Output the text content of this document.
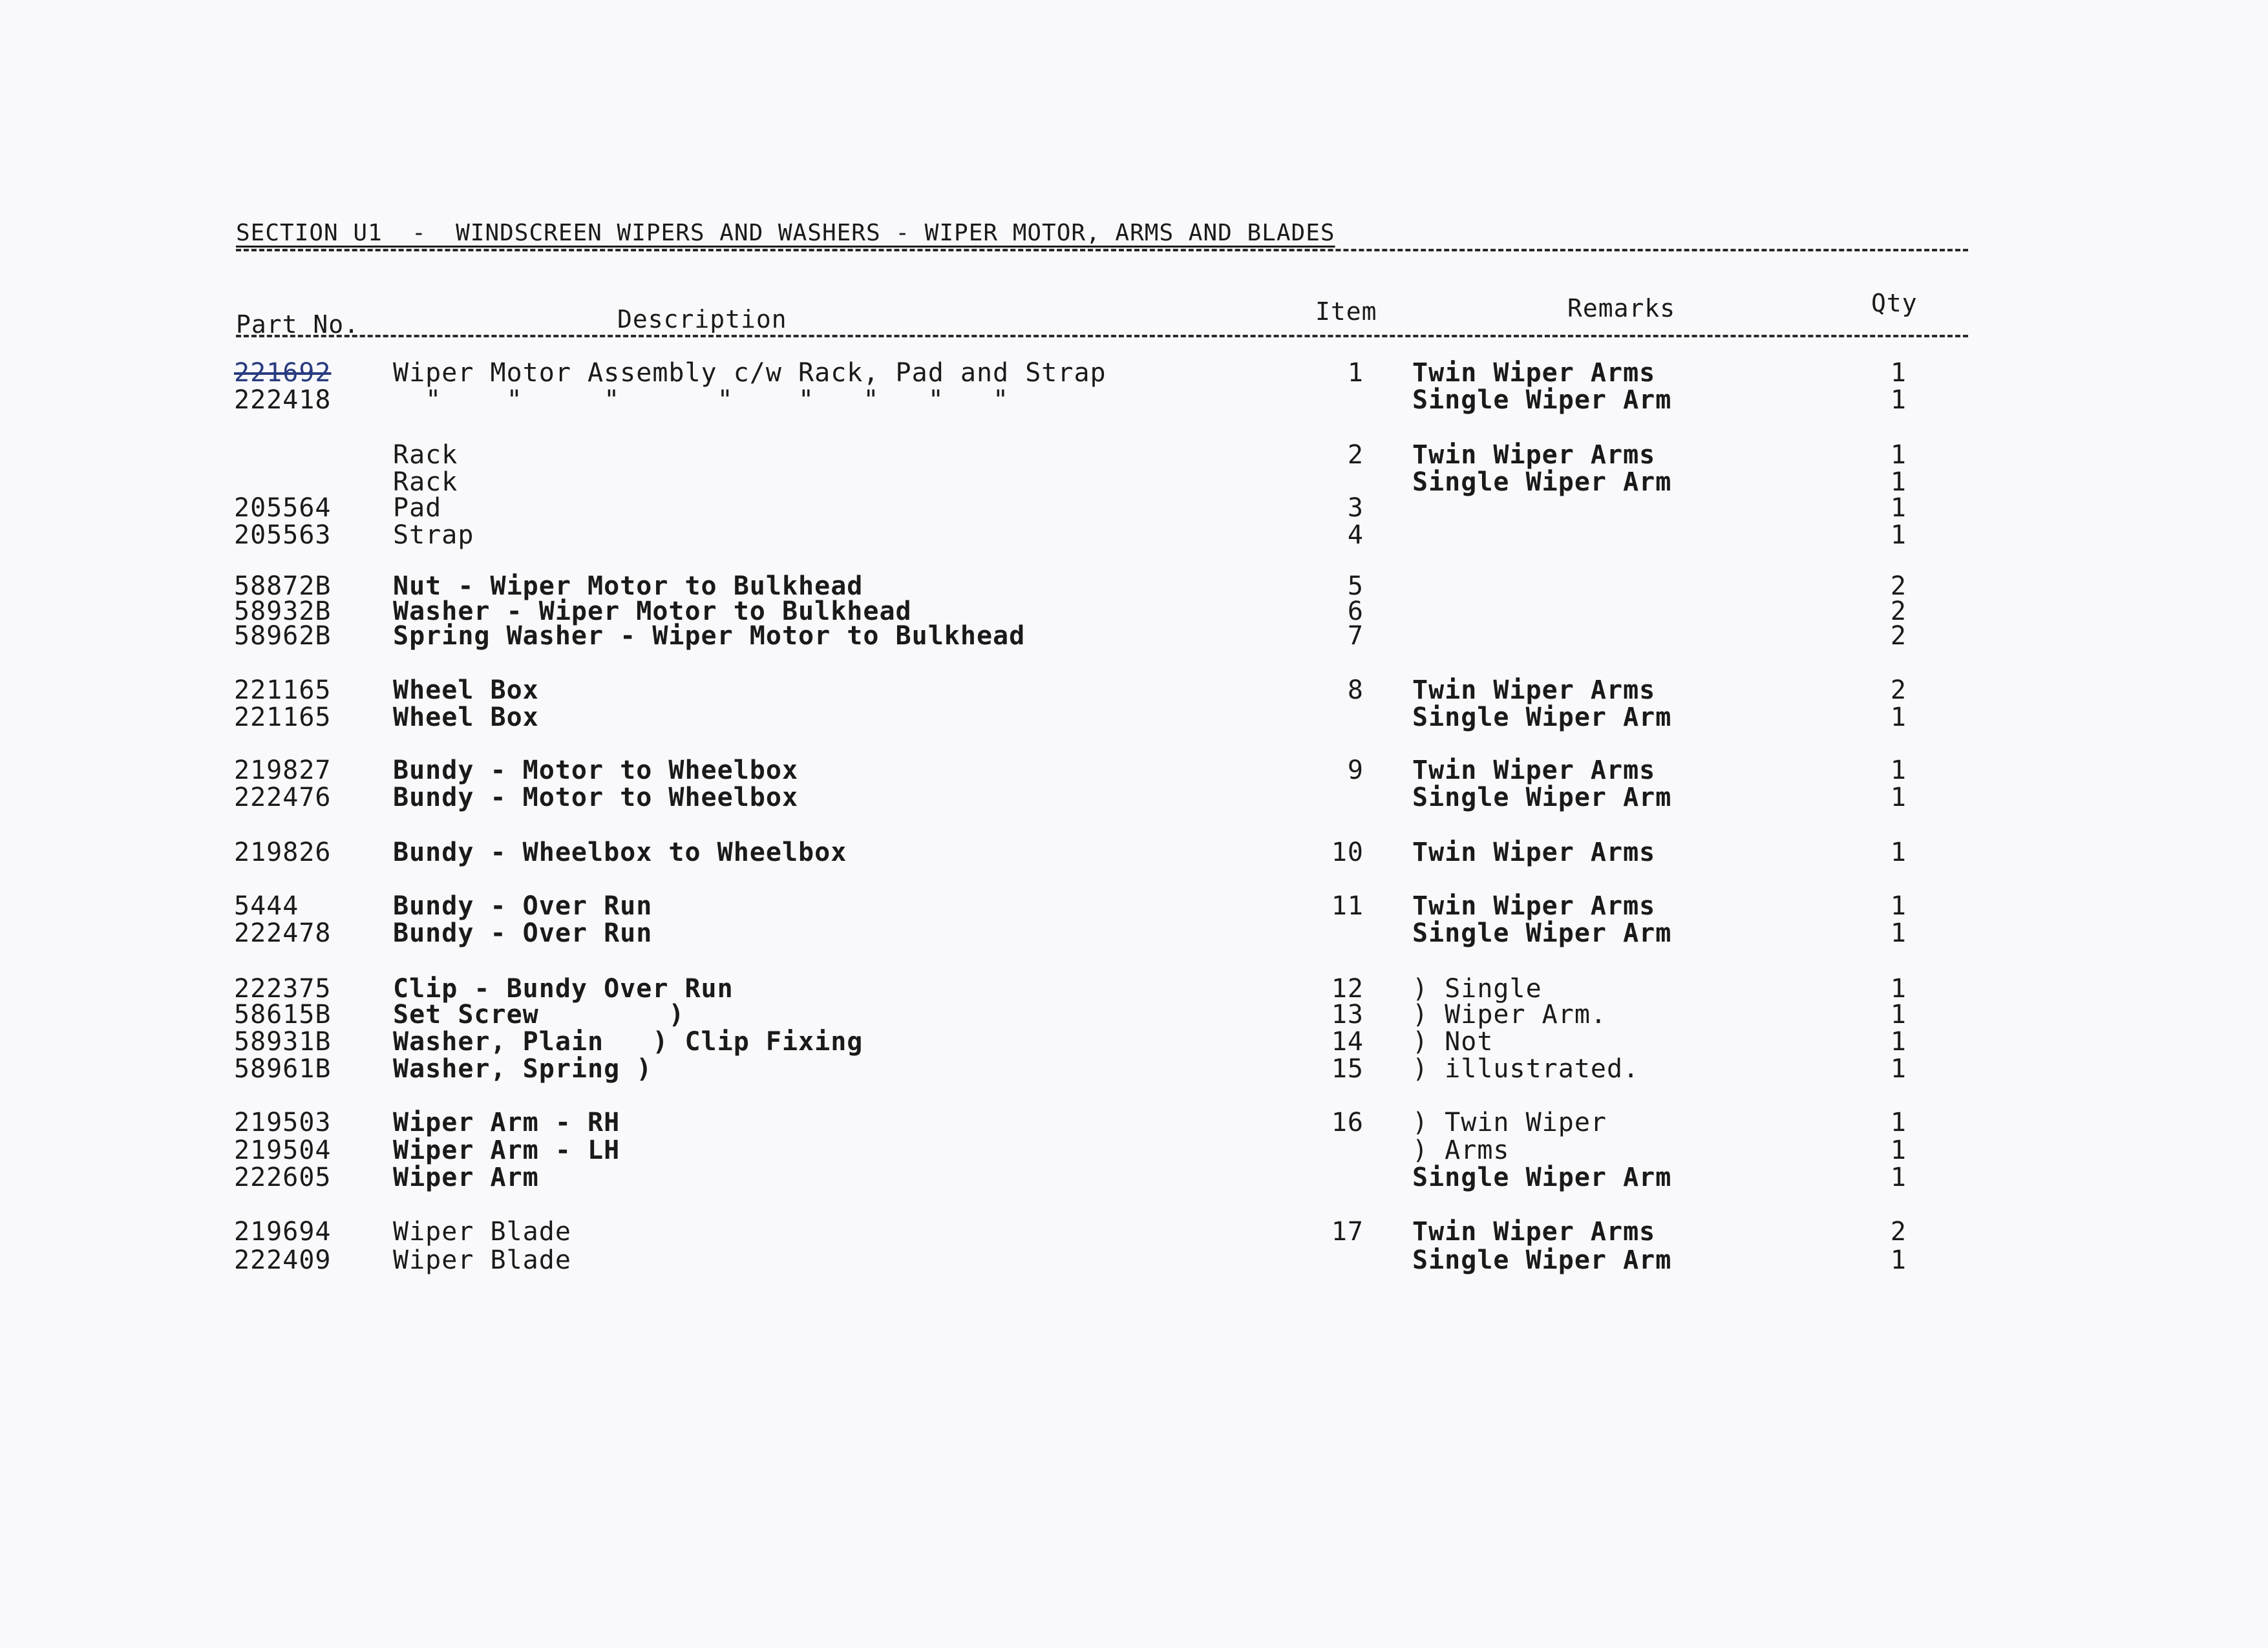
SECTION U1  -  WINDSCREEN WIPERS AND WASHERS - WIPER MOTOR, ARMS AND BLADES
Part No.	Description	Item	Remarks	Qty
221692 Wiper Motor Assembly c/w Rack, Pad and Strap	1 Twin Wiper Arms	1
222418 "    "     "      "    "   "   "   "	Single Wiper Arm	1
Rack	2 Twin Wiper Arms	1
Rack	Single Wiper Arm	1
205564 Pad	3	1
205563 Strap	4	1
58872B Nut - Wiper Motor to Bulkhead	5	2
58932B Washer - Wiper Motor to Bulkhead	6	2
58962B Spring Washer - Wiper Motor to Bulkhead	7	2
221165 Wheel Box	8 Twin Wiper Arms	2
221165 Wheel Box	Single Wiper Arm	1
219827 Bundy - Motor to Wheelbox	9 Twin Wiper Arms	1
222476 Bundy - Motor to Wheelbox	Single Wiper Arm	1
219826 Bundy - Wheelbox to Wheelbox	10 Twin Wiper Arms	1
5444	Bundy - Over Run	11 Twin Wiper Arms	1
222478 Bundy - Over Run	Single Wiper Arm	1
222375 Clip - Bundy Over Run	12 ) Single	1
58615B Set Screw        )	13 ) Wiper Arm.	1
58931B Washer, Plain   ) Clip Fixing	14 ) Not	1
58961B Washer, Spring )	15 ) illustrated.	1
219503 Wiper Arm - RH	16 ) Twin Wiper	1
219504 Wiper Arm - LH	) Arms	1
222605 Wiper Arm	Single Wiper Arm	1
219694 Wiper Blade	17 Twin Wiper Arms	2
222409 Wiper Blade	Single Wiper Arm	1
